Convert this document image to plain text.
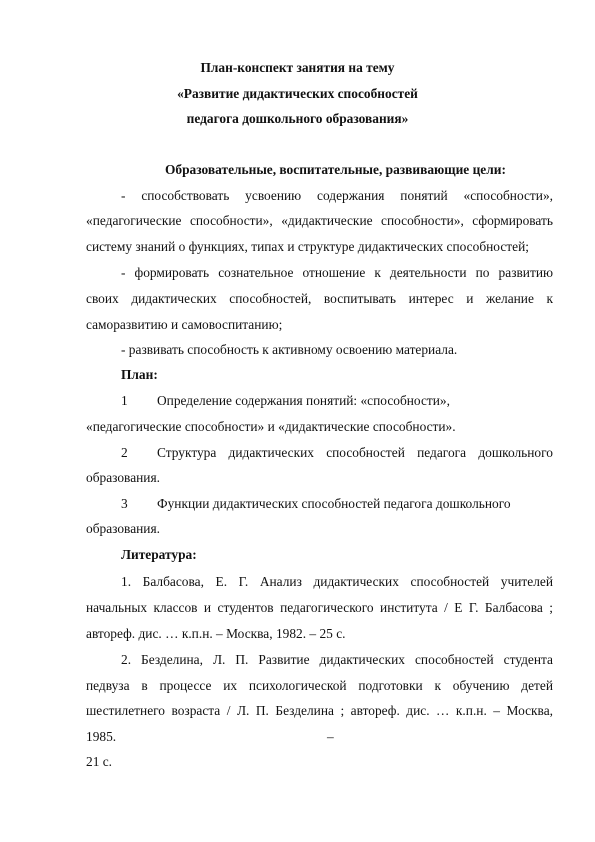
План-конспект занятия на тему
«Развитие дидактических способностей
педагога дошкольного образования»
Образовательные, воспитательные, развивающие цели:
- способствовать усвоению содержания понятий «способности»,
«педагогические способности», «дидактические способности», сформировать
систему знаний о функциях, типах и структуре дидактических способностей;
- формировать сознательное отношение к деятельности по развитию
своих дидактических способностей, воспитывать интерес и желание к
саморазвитию и самовоспитанию;
- развивать способность к активному освоению материала.
План:
1 Определение содержания понятий: «способности»,
«педагогические способности» и «дидактические способности».
2 Структура дидактических способностей педагога дошкольного
образования.
3 Функции дидактических способностей педагога дошкольного
образования.
Литература:
1. Балбасова, Е. Г. Анализ дидактических способностей учителей
начальных классов и студентов педагогического института / Е Г. Балбасова ;
автореф. дис. … к.п.н. – Москва, 1982. – 25 с.
2. Безделина, Л. П. Развитие дидактических способностей студента
педвуза в процессе их психологической подготовки к обучению детей
шестилетнего возраста / Л. П. Безделина ; автореф. дис. … к.п.н. – Москва,
1985.	–
21 с.
